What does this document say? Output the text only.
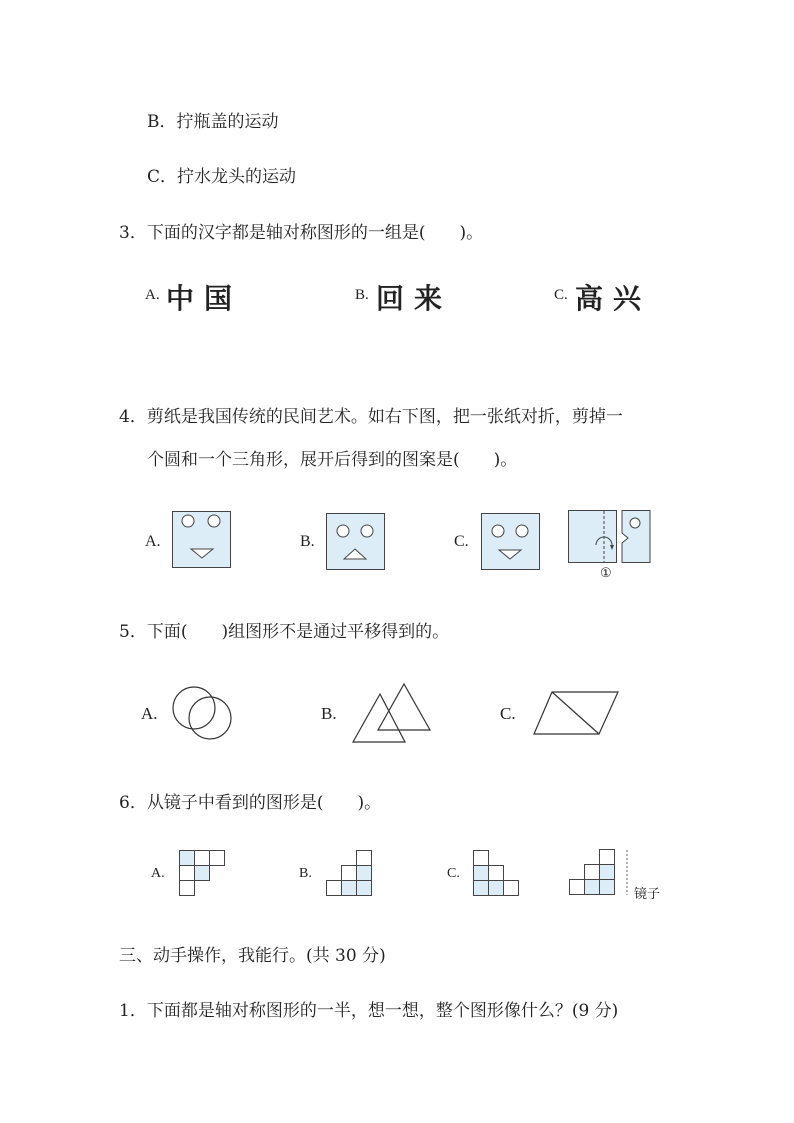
B．拧瓶盖的运动
C．拧水龙头的运动
3．下面的汉字都是轴对称图形的一组是(　　)。
A. 中国	B. 回来	C. 高兴
4．剪纸是我国传统的民间艺术。如右下图，把一张纸对折，剪掉一
个圆和一个三角形，展开后得到的图案是(　　)。
A.	B.	C.
①
5．下面(　　)组图形不是通过平移得到的。
A.	B.	C.
6．从镜子中看到的图形是(　　)。
A.	B.	C.
镜子
三、动手操作，我能行。(共 30 分)
1．下面都是轴对称图形的一半，想一想，整个图形像什么？(9 分)
